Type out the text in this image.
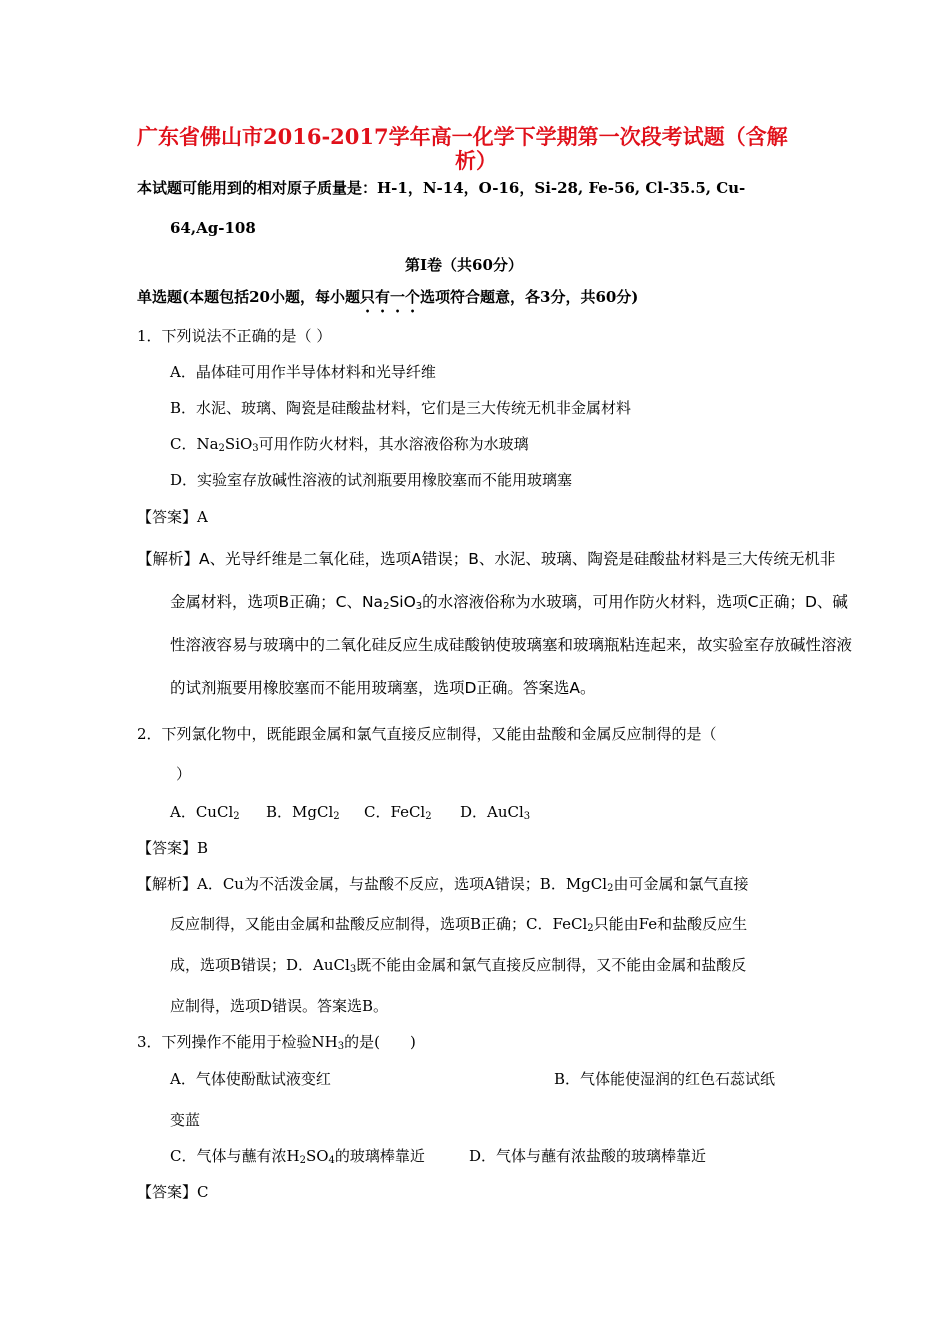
广东省佛山市2016-2017学年高一化学下学期第一次段考试题（含解
析）
本试题可能用到的相对原子质量是：H-1，N-14，O-16，Si-28, Fe-56, Cl-35.5, Cu-
64,Ag-108
第Ⅰ卷（共60分）
单选题(本题包括20小题，每小题只有一个选项符合题意，各3分，共60分)
1．下列说法不正确的是（ ）
A．晶体硅可用作半导体材料和光导纤维
B．水泥、玻璃、陶瓷是硅酸盐材料，它们是三大传统无机非金属材料
C．$Na_2SiO_3$可用作防火材料，其水溶液俗称为水玻璃
D．实验室存放碱性溶液的试剂瓶要用橡胶塞而不能用玻璃塞
【答案】A
【解析】A、光导纤维是二氧化硅，选项A错误；B、水泥、玻璃、陶瓷是硅酸盐材料是三大传统无机非
金属材料，选项B正确；C、$Na_2SiO_3$的水溶液俗称为水玻璃，可用作防火材料，选项C正确；D、碱
性溶液容易与玻璃中的二氧化硅反应生成硅酸钠使玻璃塞和玻璃瓶粘连起来，故实验室存放碱性溶液
的试剂瓶要用橡胶塞而不能用玻璃塞，选项D正确。答案选A。
2．下列氯化物中，既能跟金属和氯气直接反应制得，又能由盐酸和金属反应制得的是（
）
A．CuCl$_2$ B．MgCl$_2$ C．FeCl$_2$ D．AuCl$_3$
【答案】B
【解析】A．Cu为不活泼金属，与盐酸不反应，选项A错误；B．MgCl$_2$由可金属和氯气直接
反应制得，又能由金属和盐酸反应制得，选项B正确；C．FeCl$_2$只能由Fe和盐酸反应生
成，选项B错误；D．AuCl$_3$既不能由金属和氯气直接反应制得，又不能由金属和盐酸反
应制得，选项D错误。答案选B。
3．下列操作不能用于检验$NH_3$的是(　　)
A．气体使酚酞试液变红	B．气体能使湿润的红色石蕊试纸
变蓝
C．气体与蘸有浓$H_2SO_4$的玻璃棒靠近	D．气体与蘸有浓盐酸的玻璃棒靠近
【答案】C
